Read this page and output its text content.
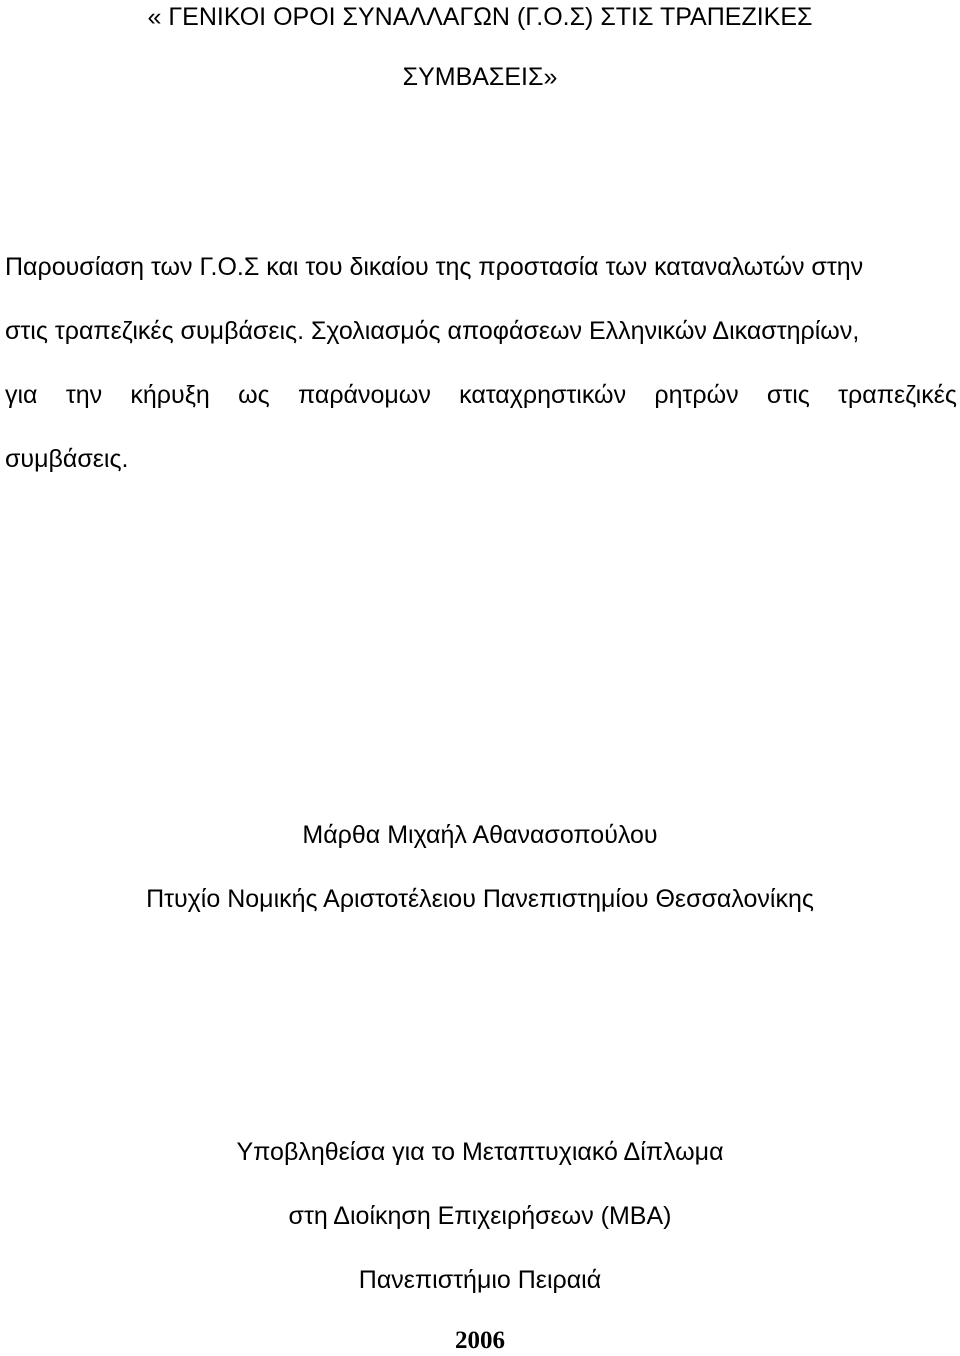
« ΓΕΝΙΚΟΙ ΟΡΟΙ ΣΥΝΑΛΛΑΓΩΝ (Γ.Ο.Σ) ΣΤΙΣ ΤΡΑΠΕΖΙΚΕΣ

ΣΥΜΒΑΣΕΙΣ»

Παρουσίαση των Γ.Ο.Σ και του δικαίου της προστασία των καταναλωτών στην

στις τραπεζικές συμβάσεις. Σχολιασμός αποφάσεων Ελληνικών Δικαστηρίων,

για την κήρυξη ως παράνομων καταχρηστικών ρητρών στις τραπεζικές

συμβάσεις.

Μάρθα Μιχαήλ Αθανασοπούλου

Πτυχίο Νομικής Αριστοτέλειου Πανεπιστημίου Θεσσαλονίκης

Υποβληθείσα για το Μεταπτυχιακό Δίπλωμα

στη Διοίκηση Επιχειρήσεων (MBA)

Πανεπιστήμιο Πειραιά

2006
